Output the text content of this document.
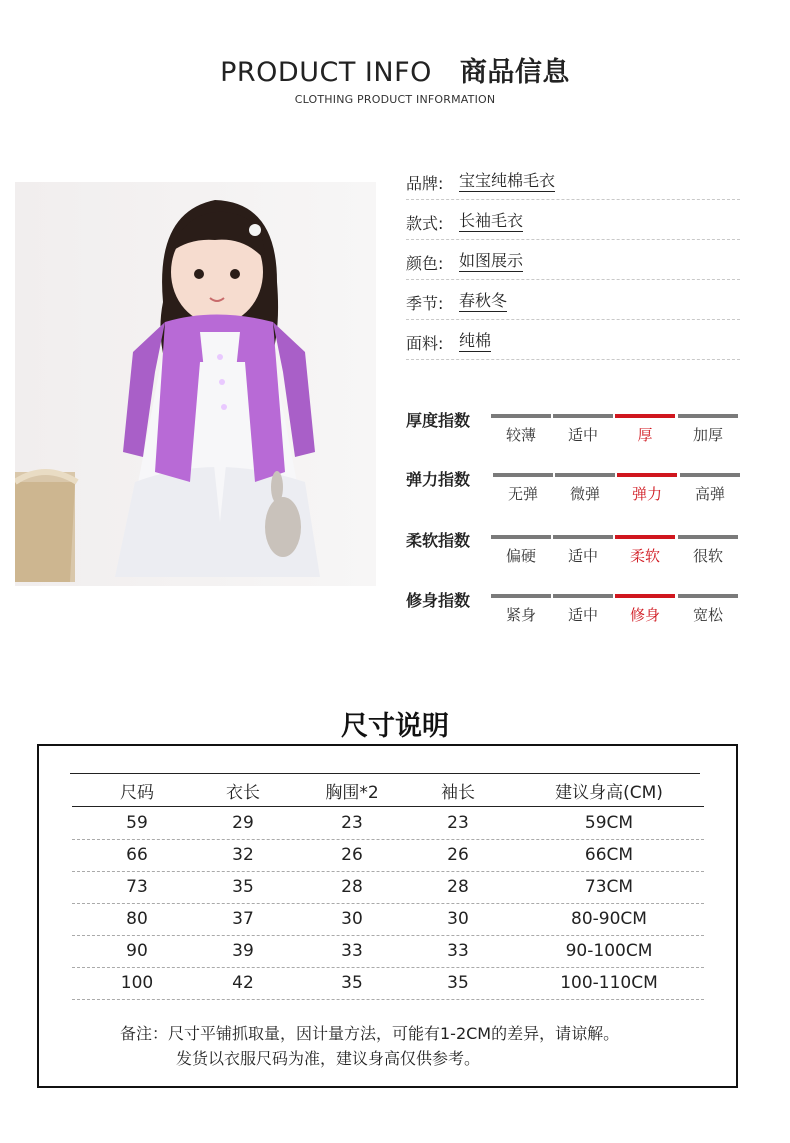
PRODUCT INFO 商品信息
CLOTHING PRODUCT INFORMATION
品牌: 宝宝纯棉毛衣
款式: 长袖毛衣
颜色: 如图展示
季节: 春秋冬
面料: 纯棉
厚度指数
较薄	适中	厚	加厚
弹力指数
无弹	微弹	弹力	高弹
柔软指数
偏硬	适中	柔软	很软
修身指数
紧身	适中	修身	宽松
尺寸说明
尺码	衣长	胸围*2	袖长	建议身高(CM)
59	29	23	23	59CM
66	32	26	26	66CM
73	35	28	28	73CM
80	37	30	30	80-90CM
90	39	33	33	90-100CM
100	42	35	35	100-110CM
备注：尺寸平铺抓取量，因计量方法，可能有1-2CM的差异，请谅解。
发货以衣服尺码为准，建议身高仅供参考。
